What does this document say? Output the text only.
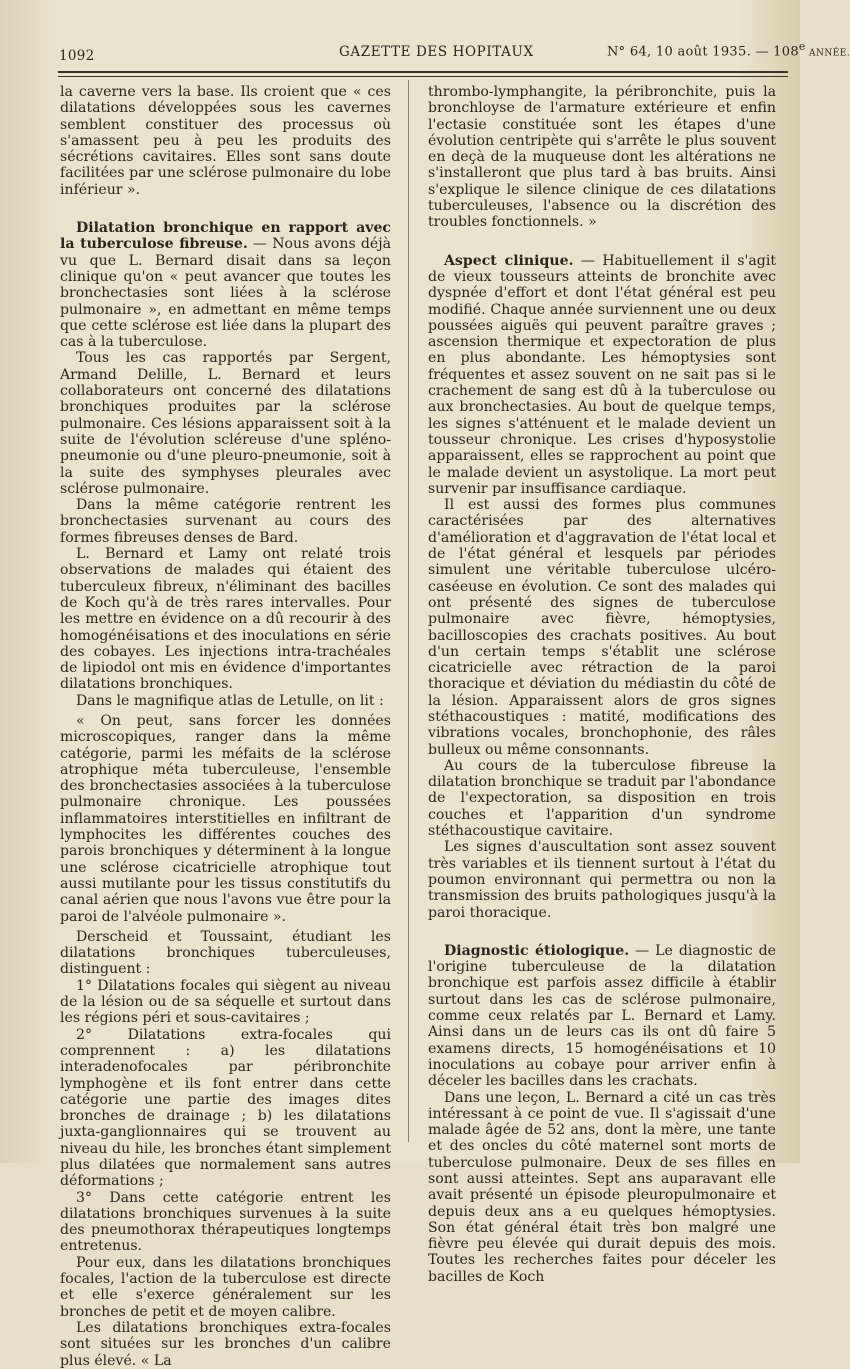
1092	GAZETTE DES HOPITAUX	N° 64, 10 août 1935. — 108e ANNÉE.

la caverne vers la base. Ils croient que « ces dilatations développées sous les cavernes semblent constituer des processus où s'amassent peu à peu les produits des sécrétions cavitaires. Elles sont sans doute facilitées par une sclérose pulmonaire du lobe inférieur ».

Dilatation bronchique en rapport avec la tuberculose fibreuse. — Nous avons déjà vu que L. Bernard disait dans sa leçon clinique qu'on « peut avancer que toutes les bronchectasies sont liées à la sclérose pulmonaire », en admettant en même temps que cette sclérose est liée dans la plupart des cas à la tuberculose.

Tous les cas rapportés par Sergent, Armand Delille, L. Bernard et leurs collaborateurs ont concerné des dilatations bronchiques produites par la sclérose pulmonaire. Ces lésions apparaissent soit à la suite de l'évolution scléreuse d'une spléno-pneumonie ou d'une pleuro-pneumonie, soit à la suite des symphyses pleurales avec sclérose pulmonaire.

Dans la même catégorie rentrent les bronchectasies survenant au cours des formes fibreuses denses de Bard.

L. Bernard et Lamy ont relaté trois observations de malades qui étaient des tuberculeux fibreux, n'éliminant des bacilles de Koch qu'à de très rares intervalles. Pour les mettre en évidence on a dû recourir à des homogénéisations et des inoculations en série des cobayes. Les injections intra-trachéales de lipiodol ont mis en évidence d'importantes dilatations bronchiques.

Dans le magnifique atlas de Letulle, on lit :

« On peut, sans forcer les données microscopiques, ranger dans la même catégorie, parmi les méfaits de la sclérose atrophique méta tuberculeuse, l'ensemble des bronchectasies associées à la tuberculose pulmonaire chronique. Les poussées inflammatoires interstitielles en infiltrant de lymphocites les différentes couches des parois bronchiques y déterminent à la longue une sclérose cicatricielle atrophique tout aussi mutilante pour les tissus constitutifs du canal aérien que nous l'avons vue être pour la paroi de l'alvéole pulmonaire ».

Derscheid et Toussaint, étudiant les dilatations bronchiques tuberculeuses, distinguent :

1° Dilatations focales qui siègent au niveau de la lésion ou de sa séquelle et surtout dans les régions péri et sous-cavitaires ;

2° Dilatations extra-focales qui comprennent : a) les dilatations interadenofocales par péribronchite lymphogène et ils font entrer dans cette catégorie une partie des images dites bronches de drainage ; b) les dilatations juxta-ganglionnaires qui se trouvent au niveau du hile, les bronches étant simplement plus dilatées que normalement sans autres déformations ;

3° Dans cette catégorie entrent les dilatations bronchiques survenues à la suite des pneumothorax thérapeutiques longtemps entretenus.

Pour eux, dans les dilatations bronchiques focales, l'action de la tuberculose est directe et elle s'exerce généralement sur les bronches de petit et de moyen calibre.

Les dilatations bronchiques extra-focales sont situées sur les bronches d'un calibre plus élevé. « La

thrombo-lymphangite, la péribronchite, puis la bronchloyse de l'armature extérieure et enfin l'ectasie constituée sont les étapes d'une évolution centripète qui s'arrête le plus souvent en deçà de la muqueuse dont les altérations ne s'installeront que plus tard à bas bruits. Ainsi s'explique le silence clinique de ces dilatations tuberculeuses, l'absence ou la discrétion des troubles fonctionnels. »

Aspect clinique. — Habituellement il s'agit de vieux tousseurs atteints de bronchite avec dyspnée d'effort et dont l'état général est peu modifié. Chaque année surviennent une ou deux poussées aiguës qui peuvent paraître graves ; ascension thermique et expectoration de plus en plus abondante. Les hémoptysies sont fréquentes et assez souvent on ne sait pas si le crachement de sang est dû à la tuberculose ou aux bronchectasies. Au bout de quelque temps, les signes s'atténuent et le malade devient un tousseur chronique. Les crises d'hyposystolie apparaissent, elles se rapprochent au point que le malade devient un asystolique. La mort peut survenir par insuffisance cardiaque.

Il est aussi des formes plus communes caractérisées par des alternatives d'amélioration et d'aggravation de l'état local et de l'état général et lesquels par périodes simulent une véritable tuberculose ulcéro-caséeuse en évolution. Ce sont des malades qui ont présenté des signes de tuberculose pulmonaire avec fièvre, hémoptysies, bacilloscopies des crachats positives. Au bout d'un certain temps s'établit une sclérose cicatricielle avec rétraction de la paroi thoracique et déviation du médiastin du côté de la lésion. Apparaissent alors de gros signes stéthacoustiques : matité, modifications des vibrations vocales, bronchophonie, des râles bulleux ou même consonnants.

Au cours de la tuberculose fibreuse la dilatation bronchique se traduit par l'abondance de l'expectoration, sa disposition en trois couches et l'apparition d'un syndrome stéthacoustique cavitaire.

Les signes d'auscultation sont assez souvent très variables et ils tiennent surtout à l'état du poumon environnant qui permettra ou non la transmission des bruits pathologiques jusqu'à la paroi thoracique.

Diagnostic étiologique. — Le diagnostic de l'origine tuberculeuse de la dilatation bronchique est parfois assez difficile à établir surtout dans les cas de sclérose pulmonaire, comme ceux relatés par L. Bernard et Lamy. Ainsi dans un de leurs cas ils ont dû faire 5 examens directs, 15 homogénéisations et 10 inoculations au cobaye pour arriver enfin à déceler les bacilles dans les crachats.

Dans une leçon, L. Bernard a cité un cas très intéressant à ce point de vue. Il s'agissait d'une malade âgée de 52 ans, dont la mère, une tante et des oncles du côté maternel sont morts de tuberculose pulmonaire. Deux de ses filles en sont aussi atteintes. Sept ans auparavant elle avait présenté un épisode pleuropulmonaire et depuis deux ans a eu quelques hémoptysies. Son état général était très bon malgré une fièvre peu élevée qui durait depuis des mois. Toutes les recherches faites pour déceler les bacilles de Koch
